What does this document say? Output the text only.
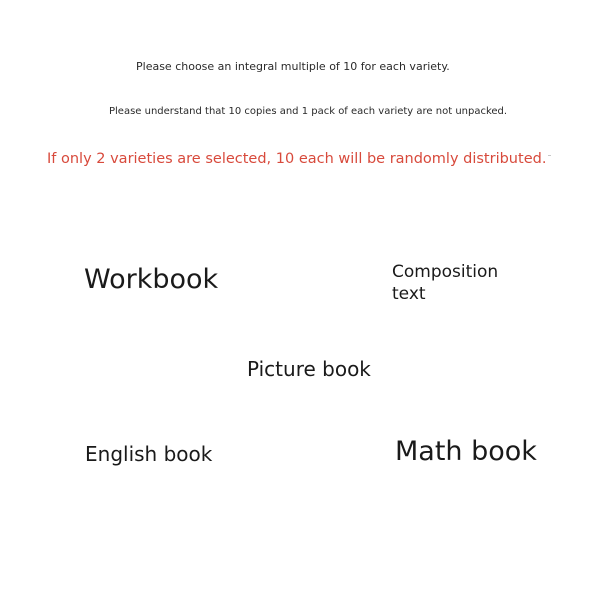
Please choose an integral multiple of 10 for each variety.
Please understand that 10 copies and 1 pack of each variety are not unpacked.
If only 2 varieties are selected, 10 each will be randomly distributed.
Workbook	Composition
text
Picture book
English book	Math book
